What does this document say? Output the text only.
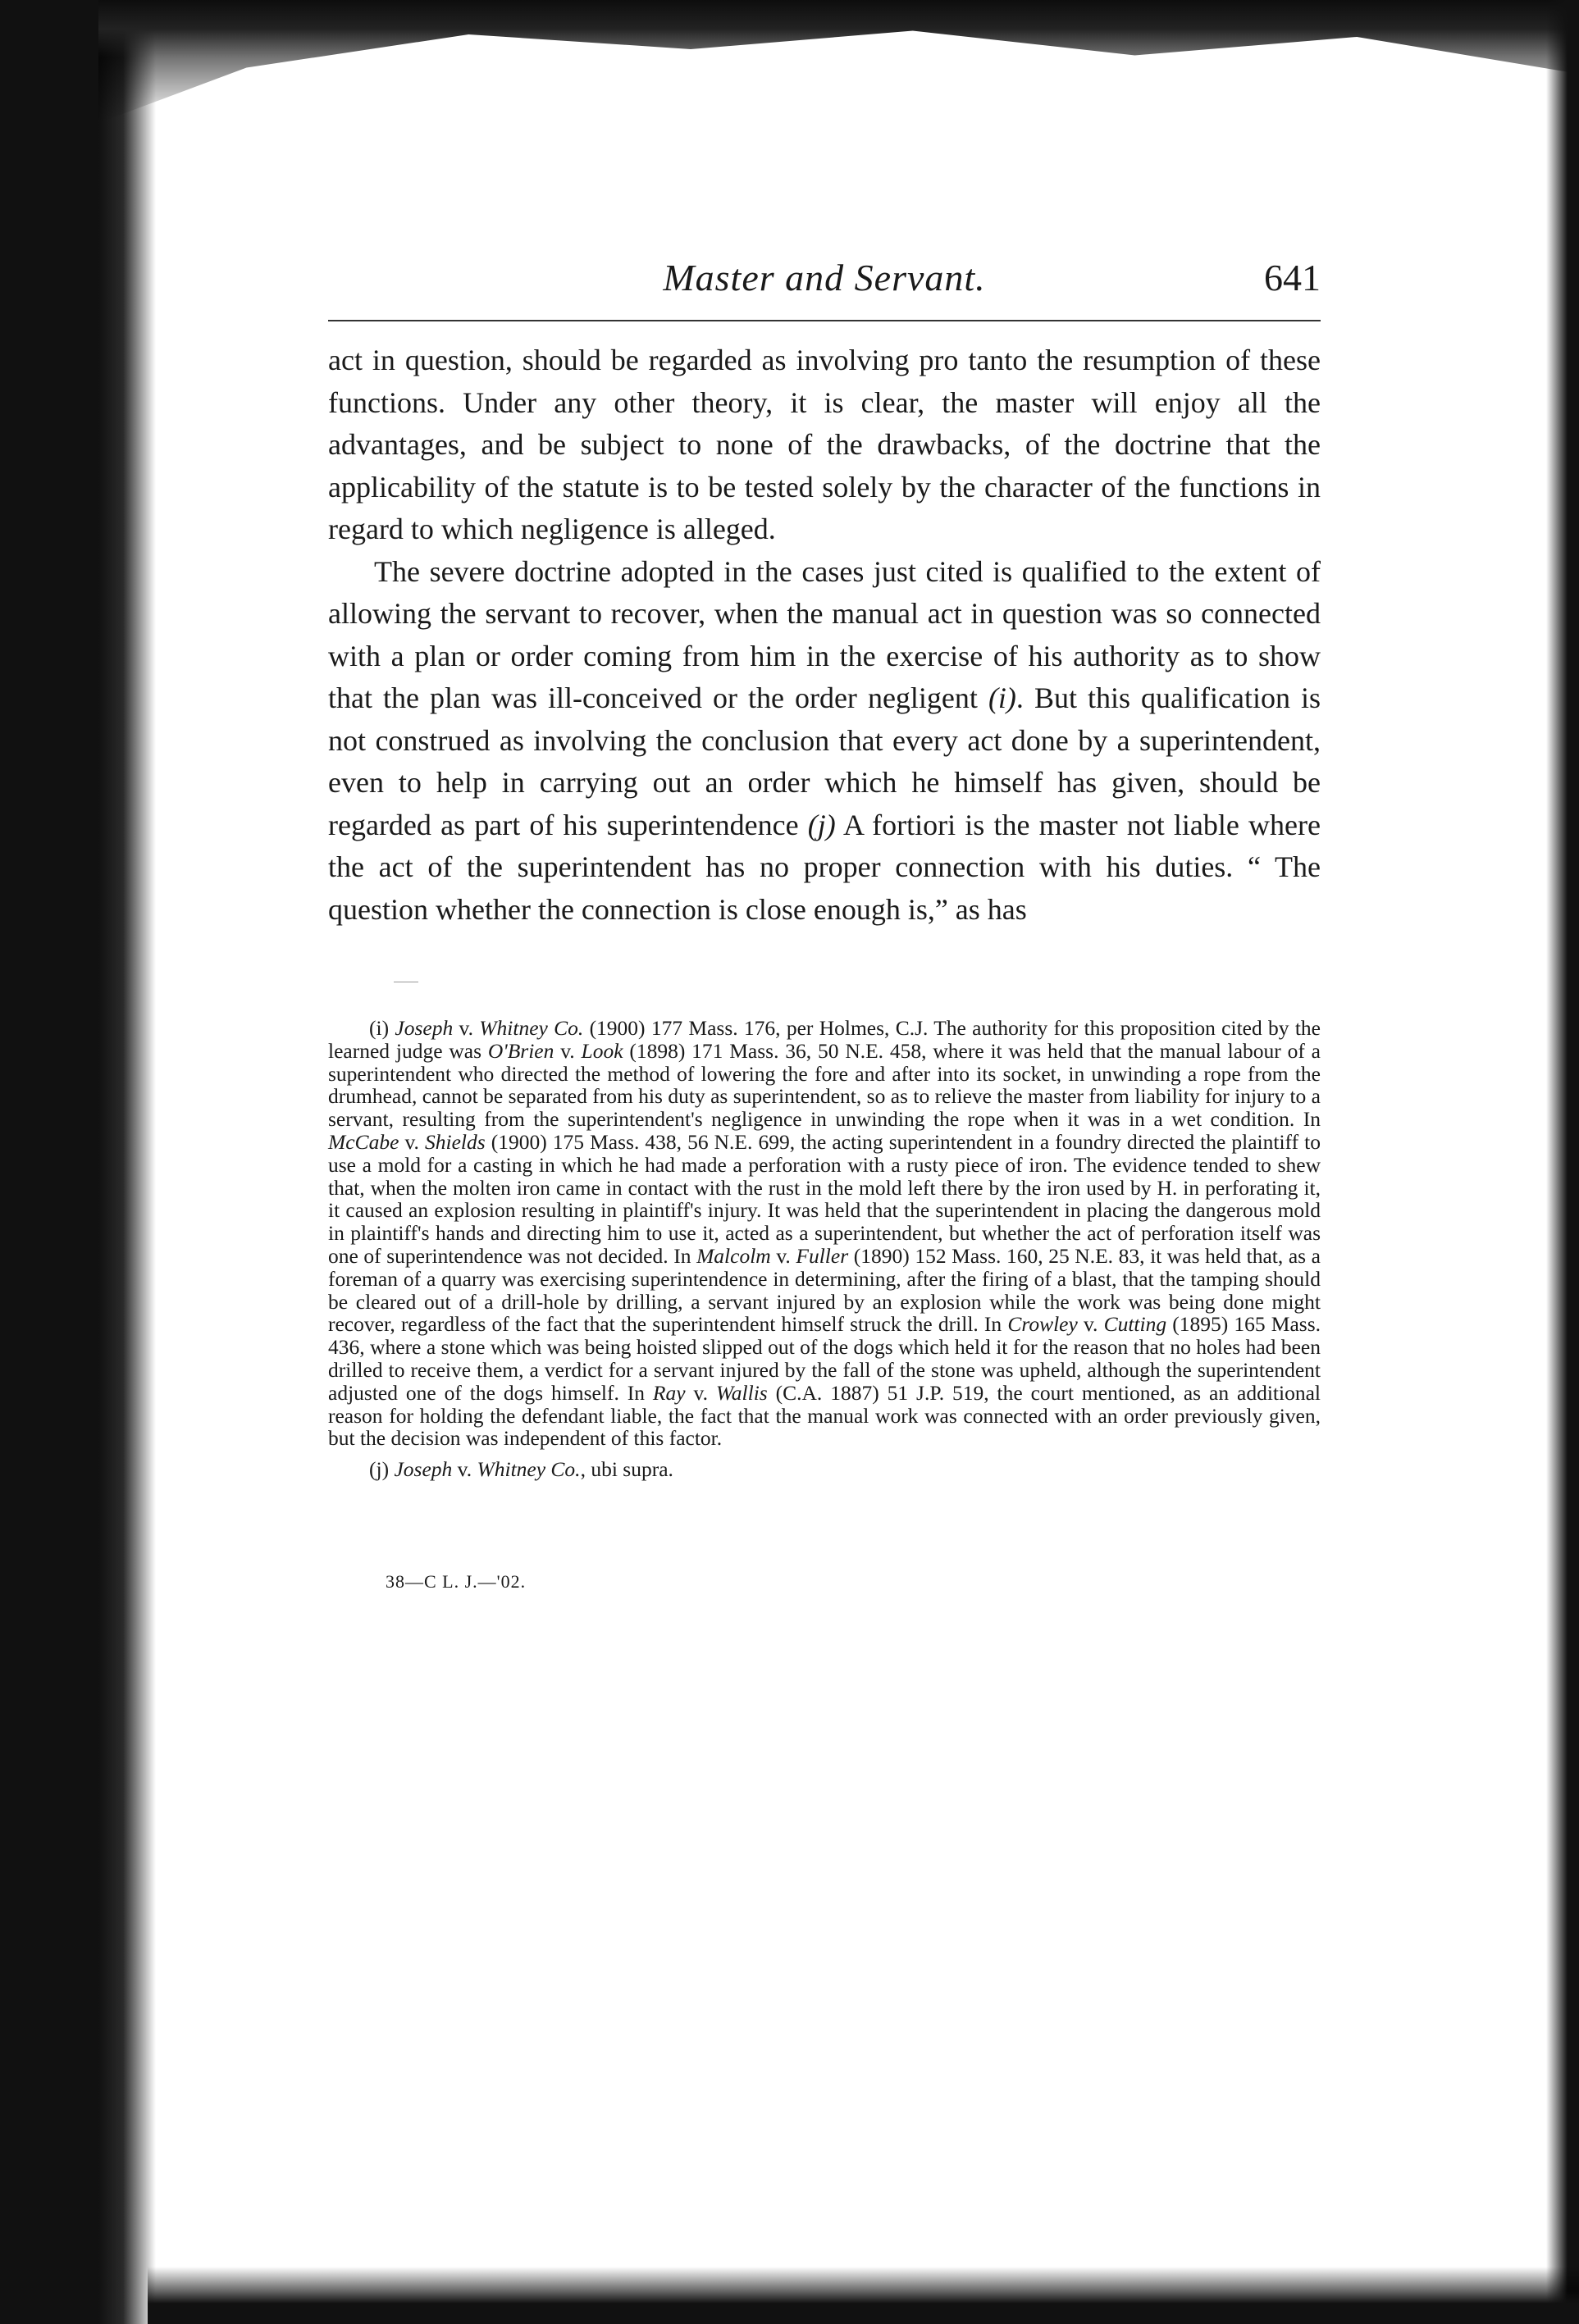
Master and Servant.	641

act in question, should be regarded as involving pro tanto the resumption of these functions. Under any other theory, it is clear, the master will enjoy all the advantages, and be subject to none of the drawbacks, of the doctrine that the applicability of the statute is to be tested solely by the character of the functions in regard to which negligence is alleged.

The severe doctrine adopted in the cases just cited is qualified to the extent of allowing the servant to recover, when the manual act in question was so connected with a plan or order coming from him in the exercise of his authority as to show that the plan was ill-conceived or the order negligent (i). But this qualification is not construed as involving the conclusion that every act done by a superintendent, even to help in carrying out an order which he himself has given, should be regarded as part of his superintendence (j) A fortiori is the master not liable where the act of the superintendent has no proper connection with his duties. “ The question whether the connection is close enough is,” as has

(i) Joseph v. Whitney Co. (1900) 177 Mass. 176, per Holmes, C.J. The authority for this proposition cited by the learned judge was O'Brien v. Look (1898) 171 Mass. 36, 50 N.E. 458, where it was held that the manual labour of a superintendent who directed the method of lowering the fore and after into its socket, in unwinding a rope from the drumhead, cannot be separated from his duty as superintendent, so as to relieve the master from liability for injury to a servant, resulting from the superintendent's negligence in unwinding the rope when it was in a wet condition. In McCabe v. Shields (1900) 175 Mass. 438, 56 N.E. 699, the acting superintendent in a foundry directed the plaintiff to use a mold for a casting in which he had made a perforation with a rusty piece of iron. The evidence tended to shew that, when the molten iron came in contact with the rust in the mold left there by the iron used by H. in perforating it, it caused an explosion resulting in plaintiff's injury. It was held that the superintendent in placing the dangerous mold in plaintiff's hands and directing him to use it, acted as a superintendent, but whether the act of perforation itself was one of superintendence was not decided. In Malcolm v. Fuller (1890) 152 Mass. 160, 25 N.E. 83, it was held that, as a foreman of a quarry was exercising superintendence in determining, after the firing of a blast, that the tamping should be cleared out of a drill-hole by drilling, a servant injured by an explosion while the work was being done might recover, regardless of the fact that the superintendent himself struck the drill. In Crowley v. Cutting (1895) 165 Mass. 436, where a stone which was being hoisted slipped out of the dogs which held it for the reason that no holes had been drilled to receive them, a verdict for a servant injured by the fall of the stone was upheld, although the superintendent adjusted one of the dogs himself. In Ray v. Wallis (C.A. 1887) 51 J.P. 519, the court mentioned, as an additional reason for holding the defendant liable, the fact that the manual work was connected with an order previously given, but the decision was independent of this factor.

(j) Joseph v. Whitney Co., ubi supra.

38—C L. J.—'02.
